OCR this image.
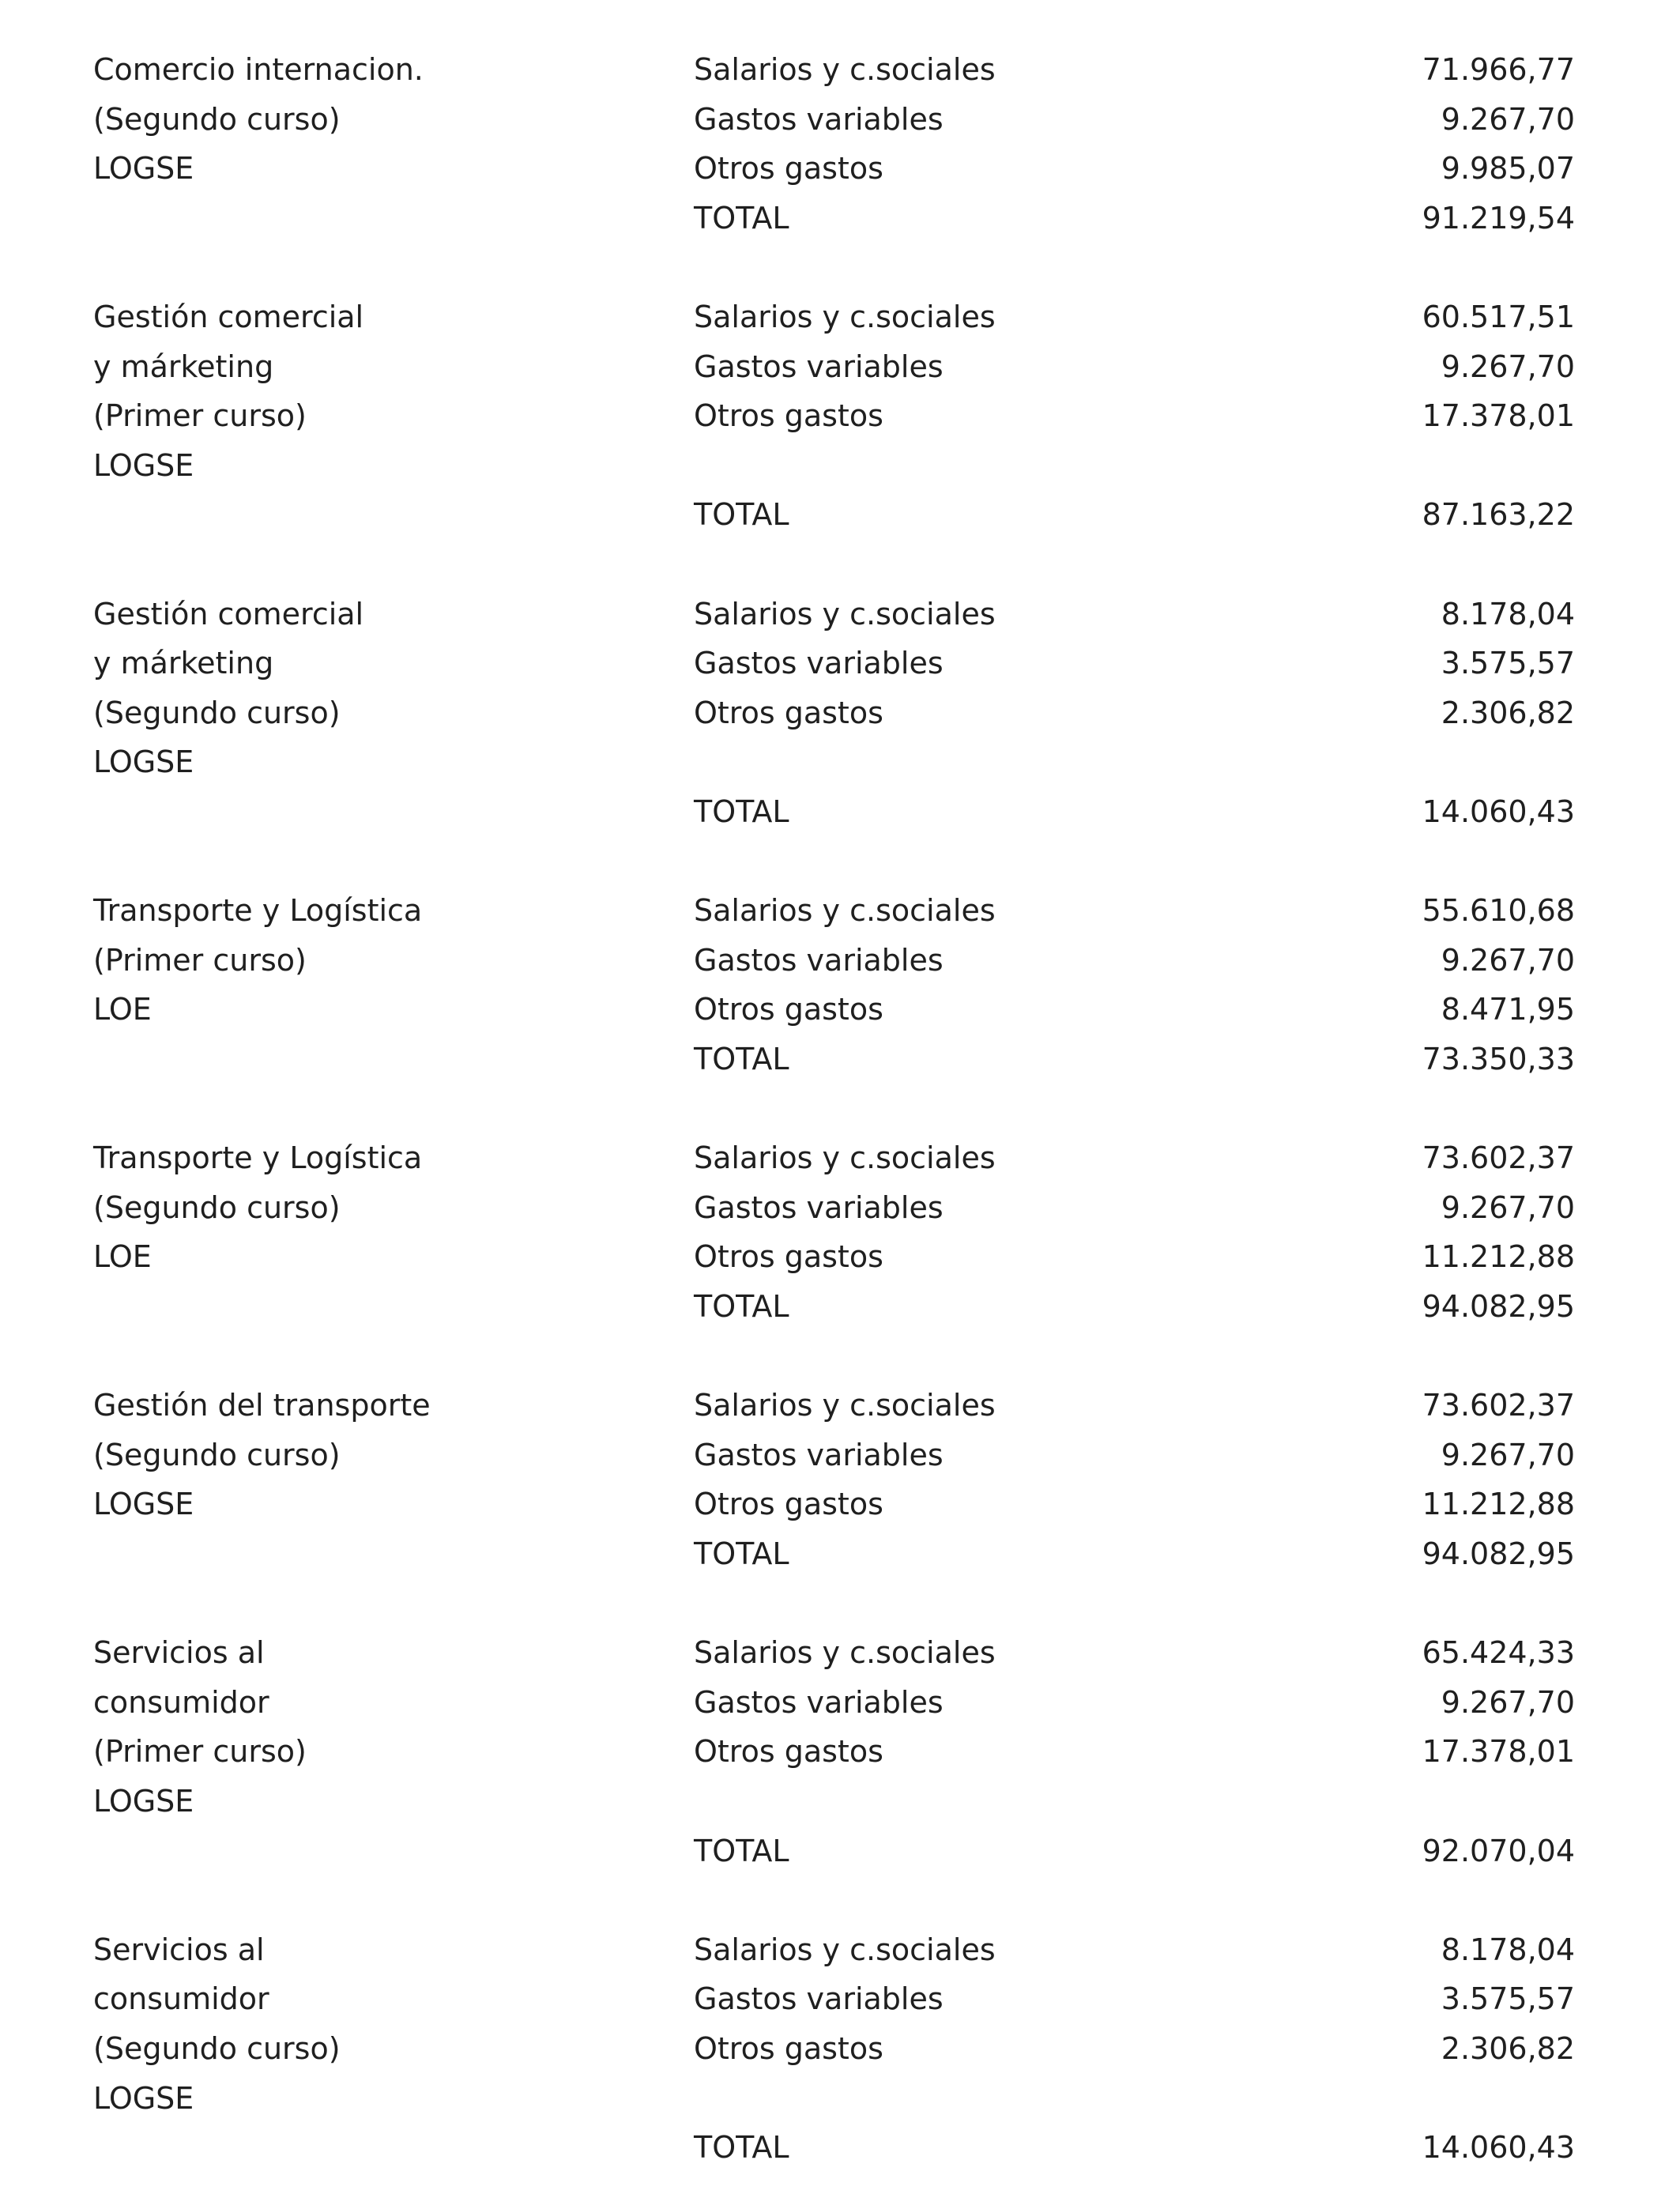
Comercio internacion.
(Segundo curso)
LOGSE
Salarios y c.sociales	71.966,77
Gastos variables	9.267,70
Otros gastos	9.985,07
TOTAL	91.219,54
Gestión comercial
y márketing
(Primer curso)
LOGSE
Salarios y c.sociales	60.517,51
Gastos variables	9.267,70
Otros gastos	17.378,01
TOTAL	87.163,22
Gestión comercial
y márketing
(Segundo curso)
LOGSE
Salarios y c.sociales	8.178,04
Gastos variables	3.575,57
Otros gastos	2.306,82
TOTAL	14.060,43
Transporte y Logística
(Primer curso)
LOE
Salarios y c.sociales	55.610,68
Gastos variables	9.267,70
Otros gastos	8.471,95
TOTAL	73.350,33
Transporte y Logística
(Segundo curso)
LOE
Salarios y c.sociales	73.602,37
Gastos variables	9.267,70
Otros gastos	11.212,88
TOTAL	94.082,95
Gestión del transporte
(Segundo curso)
LOGSE
Salarios y c.sociales	73.602,37
Gastos variables	9.267,70
Otros gastos	11.212,88
TOTAL	94.082,95
Servicios al
consumidor
(Primer curso)
LOGSE
Salarios y c.sociales	65.424,33
Gastos variables	9.267,70
Otros gastos	17.378,01
TOTAL	92.070,04
Servicios al
consumidor
(Segundo curso)
LOGSE
Salarios y c.sociales	8.178,04
Gastos variables	3.575,57
Otros gastos	2.306,82
TOTAL	14.060,43
